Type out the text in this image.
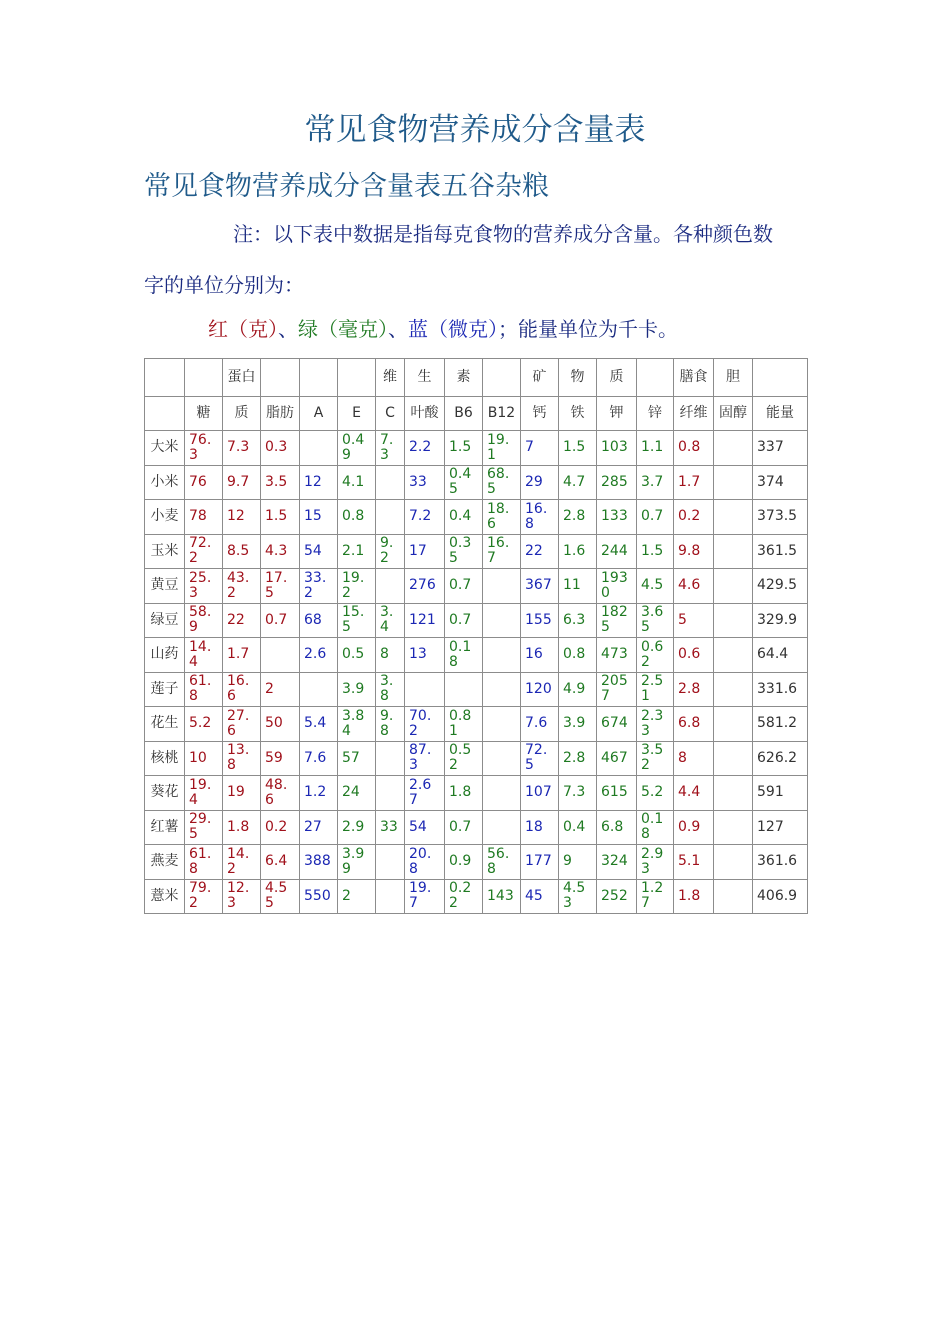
常见食物营养成分含量表
常见食物营养成分含量表五谷杂粮
注：以下表中数据是指每克食物的营养成分含量。各种颜色数
字的单位分别为：
红（克）、绿（毫克）、蓝（微克）；能量单位为千卡。
		蛋白				维	生	素		矿	物	质		膳食	胆	
	糖	质	脂肪	A	E	C	叶酸	B6	B12	钙	铁	钾	锌	纤维	固醇	能量
大米	76.3	7.3	0.3		0.49	7.3	2.2	1.5	19.1	7	1.5	103	1.1	0.8		337
小米	76	9.7	3.5	12	4.1		33	0.45	68.5	29	4.7	285	3.7	1.7		374
小麦	78	12	1.5	15	0.8		7.2	0.4	18.6	16.8	2.8	133	0.7	0.2		373.5
玉米	72.2	8.5	4.3	54	2.1	9.2	17	0.35	16.7	22	1.6	244	1.5	9.8		361.5
黄豆	25.3	43.2	17.5	33.2	19.2		276	0.7		367	11	1930	4.5	4.6		429.5
绿豆	58.9	22	0.7	68	15.5	3.4	121	0.7		155	6.3	1825	3.65	5		329.9
山药	14.4	1.7		2.6	0.5	8	13	0.18		16	0.8	473	0.62	0.6		64.4
莲子	61.8	16.6	2		3.9	3.8				120	4.9	2057	2.51	2.8		331.6
花生	5.2	27.6	50	5.4	3.84	9.8	70.2	0.81		7.6	3.9	674	2.33	6.8		581.2
核桃	10	13.8	59	7.6	57		87.3	0.52		72.5	2.8	467	3.52	8		626.2
葵花	19.4	19	48.6	1.2	24		2.67	1.8		107	7.3	615	5.2	4.4		591
红薯	29.5	1.8	0.2	27	2.9	33	54	0.7		18	0.4	6.8	0.18	0.9		127
燕麦	61.8	14.2	6.4	388	3.99		20.8	0.9	56.8	177	9	324	2.93	5.1		361.6
薏米	79.2	12.3	4.55	550	2		19.7	0.22	143	45	4.53	252	1.27	1.8		406.9
